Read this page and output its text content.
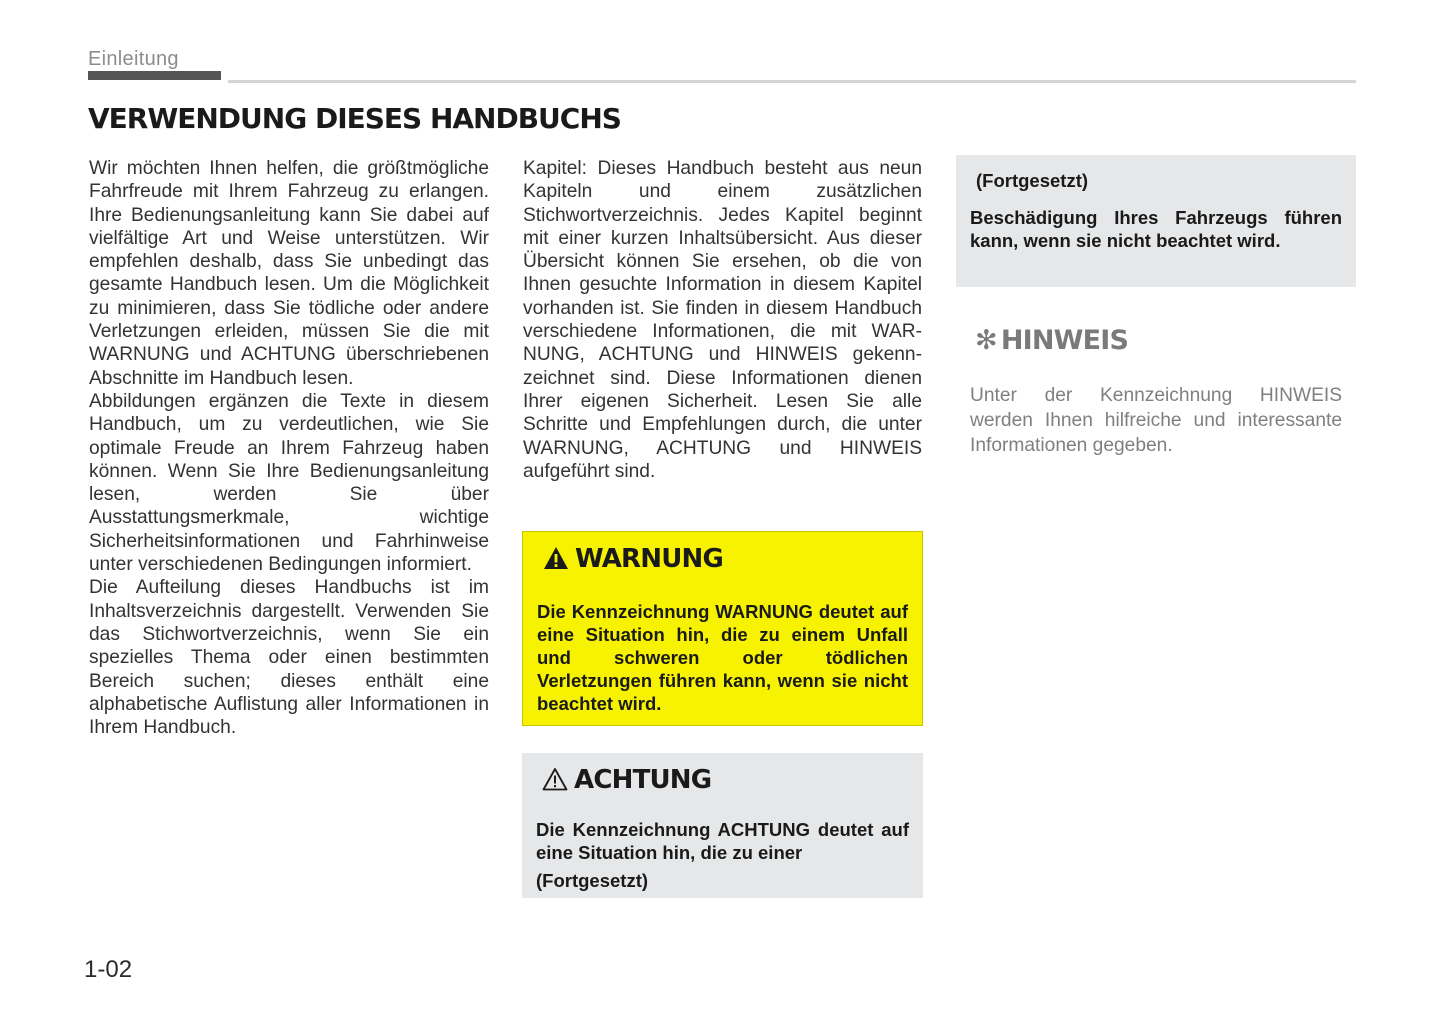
Einleitung
VERWENDUNG DIESES HANDBUCHS

Wir möchten Ihnen helfen, die größtmögliche Fahrfreude mit Ihrem Fahrzeug zu erlangen. Ihre Bedienungsanleitung kann Sie dabei auf vielfältige Art und Weise unterstützen. Wir empfehlen deshalb, dass Sie unbedingt das gesamte Handbuch lesen. Um die Möglichkeit zu minimieren, dass Sie tödliche oder andere Verletzungen erleiden, müssen Sie die mit WARNUNG und ACHTUNG überschriebenen Abschnitte im Handbuch lesen.

Abbildungen ergänzen die Texte in diesem Handbuch, um zu verdeutlichen, wie Sie optimale Freude an Ihrem Fahrzeug haben können. Wenn Sie Ihre Bedienungsanleitung lesen, werden Sie über Ausstattungsmerkmale, wichtige Sicherheitsinformationen und Fahrhinweise unter verschiedenen Bedingungen informiert.

Die Aufteilung dieses Handbuchs ist im Inhaltsverzeichnis dargestellt. Verwenden Sie das Stichwortverzeichnis, wenn Sie ein spezielles Thema oder einen bestimmten Bereich suchen; dieses enthält eine alphabetische Auflistung aller Informationen in Ihrem Handbuch.

Kapitel: Dieses Handbuch besteht aus neun Kapiteln und einem zusätzlichen Stichwortverzeichnis. Jedes Kapitel beginnt mit einer kurzen Inhaltsübersicht. Aus dieser Übersicht können Sie ersehen, ob die von Ihnen gesuchte Information in diesem Kapitel vorhanden ist. Sie finden in diesem Handbuch verschiedene Informationen, die mit WARNUNG, ACHTUNG und HINWEIS gekennzeichnet sind. Diese Informationen dienen Ihrer eigenen Sicherheit. Lesen Sie alle Schritte und Empfehlungen durch, die unter WARNUNG, ACHTUNG und HINWEIS aufgeführt sind.

WARNUNG
Die Kennzeichnung WARNUNG deutet auf eine Situation hin, die zu einem Unfall und schweren oder tödlichen Verletzungen führen kann, wenn sie nicht beachtet wird.
ACHTUNG
Die Kennzeichnung ACHTUNG deutet auf eine Situation hin, die zu einer
(Fortgesetzt)
(Fortgesetzt)
Beschädigung Ihres Fahrzeugs führen kann, wenn sie nicht beachtet wird.
✻ HINWEIS
Unter der Kennzeichnung HINWEIS werden Ihnen hilfreiche und interessante Informationen gegeben.
1-02
